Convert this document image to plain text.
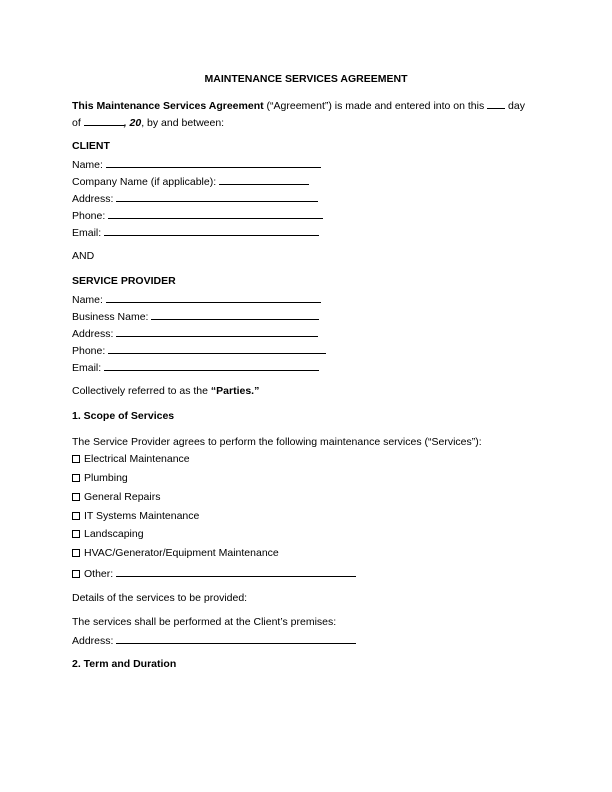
MAINTENANCE SERVICES AGREEMENT
This Maintenance Services Agreement (“Agreement”) is made and entered into on this  day
of	, 20, by and between:
CLIENT
Name:
Company Name (if applicable):
Address:
Phone:
Email:
AND
SERVICE PROVIDER
Name:
Business Name:
Address:
Phone:
Email:
Collectively referred to as the “Parties.”
1. Scope of Services
The Service Provider agrees to perform the following maintenance services (“Services”):
Electrical Maintenance
Plumbing
General Repairs
IT Systems Maintenance
Landscaping
HVAC/Generator/Equipment Maintenance
Other:
Details of the services to be provided:
The services shall be performed at the Client’s premises:
Address:
2. Term and Duration
